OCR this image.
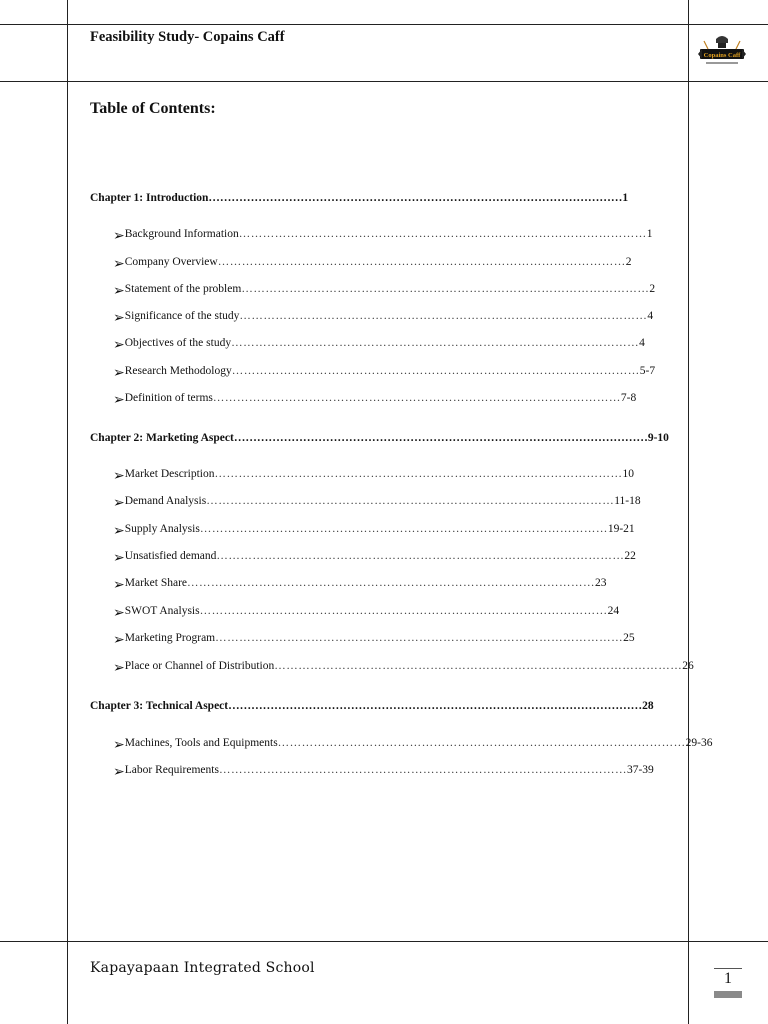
Feasibility Study- Copains Caff
Copains Caff
Table of Contents:
Chapter 1: Introduction ……………………………………………………………………………………………… 1
➢ Background Information ………………………………………………………………………………………… 1
➢ Company Overview ………………………………………………………………………………………… 2
➢ Statement of the problem ………………………………………………………………………………………… 2
➢ Significance of the study ………………………………………………………………………………………… 4
➢ Objectives of the study ………………………………………………………………………………………… 4
➢ Research Methodology ………………………………………………………………………………………… 5-7
➢ Definition of terms ………………………………………………………………………………………… 7-8
Chapter 2: Marketing Aspect ……………………………………………………………………………………………… 9-10
➢ Market Description ………………………………………………………………………………………… 10
➢ Demand Analysis ………………………………………………………………………………………… 11-18
➢ Supply Analysis ………………………………………………………………………………………… 19-21
➢ Unsatisfied demand ………………………………………………………………………………………… 22
➢ Market Share ………………………………………………………………………………………… 23
➢ SWOT Analysis ………………………………………………………………………………………… 24
➢ Marketing Program ………………………………………………………………………………………… 25
➢ Place or Channel of Distribution ………………………………………………………………………………………… 26
Chapter 3: Technical Aspect ……………………………………………………………………………………………… 28
➢ Machines, Tools and Equipments ………………………………………………………………………………………… 29-36
➢ Labor Requirements ………………………………………………………………………………………… 37-39
Kapayapaan Integrated School
1
